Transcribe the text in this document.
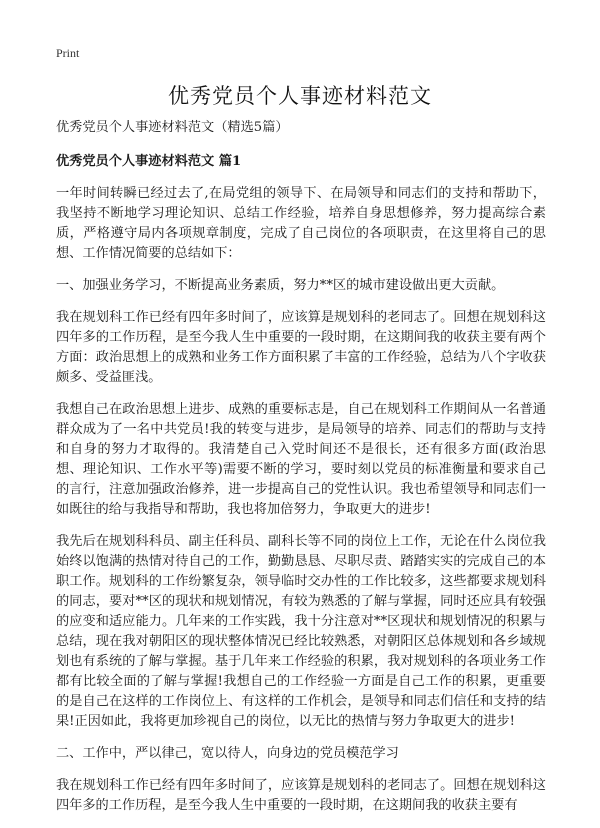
Print
优秀党员个人事迹材料范文

优秀党员个人事迹材料范文（精选5篇）

优秀党员个人事迹材料范文 篇1

一年时间转瞬已经过去了,在局党组的领导下、在局领导和同志们的支持和帮助下，我坚持不断地学习理论知识、总结工作经验，培养自身思想修养，努力提高综合素质，严格遵守局内各项规章制度，完成了自己岗位的各项职责，在这里将自己的思想、工作情况简要的总结如下：

一、加强业务学习，不断提高业务素质，努力**区的城市建设做出更大贡献。

我在规划科工作已经有四年多时间了，应该算是规划科的老同志了。回想在规划科这四年多的工作历程，是至今我人生中重要的一段时期，在这期间我的收获主要有两个方面：政治思想上的成熟和业务工作方面积累了丰富的工作经验，总结为八个字收获颇多、受益匪浅。

我想自己在政治思想上进步、成熟的重要标志是，自己在规划科工作期间从一名普通群众成为了一名中共党员!我的转变与进步，是局领导的培养、同志们的帮助与支持和自身的努力才取得的。我清楚自己入党时间还不是很长，还有很多方面(政治思想、理论知识、工作水平等)需要不断的学习，要时刻以党员的标准衡量和要求自己的言行，注意加强政治修养，进一步提高自己的党性认识。我也希望领导和同志们一如既往的给与我指导和帮助，我也将加倍努力，争取更大的进步!

我先后在规划科科员、副主任科员、副科长等不同的岗位上工作，无论在什么岗位我始终以饱满的热情对待自己的工作，勤勤恳恳、尽职尽责、踏踏实实的完成自己的本职工作。规划科的工作纷繁复杂，领导临时交办性的工作比较多，这些都要求规划科的同志，要对**区的现状和规划情况，有较为熟悉的了解与掌握，同时还应具有较强的应变和适应能力。几年来的工作实践，我十分注意对**区现状和规划情况的积累与总结，现在我对朝阳区的现状整体情况已经比较熟悉，对朝阳区总体规划和各乡域规划也有系统的了解与掌握。基于几年来工作经验的积累，我对规划科的各项业务工作都有比较全面的了解与掌握!我想自己的工作经验一方面是自己工作的积累，更重要的是自己在这样的工作岗位上、有这样的工作机会，是领导和同志们信任和支持的结果!正因如此，我将更加珍视自己的岗位，以无比的热情与努力争取更大的进步!

二、工作中，严以律己，宽以待人，向身边的党员模范学习

我在规划科工作已经有四年多时间了，应该算是规划科的老同志了。回想在规划科这四年多的工作历程，是至今我人生中重要的一段时期，在这期间我的收获主要有
